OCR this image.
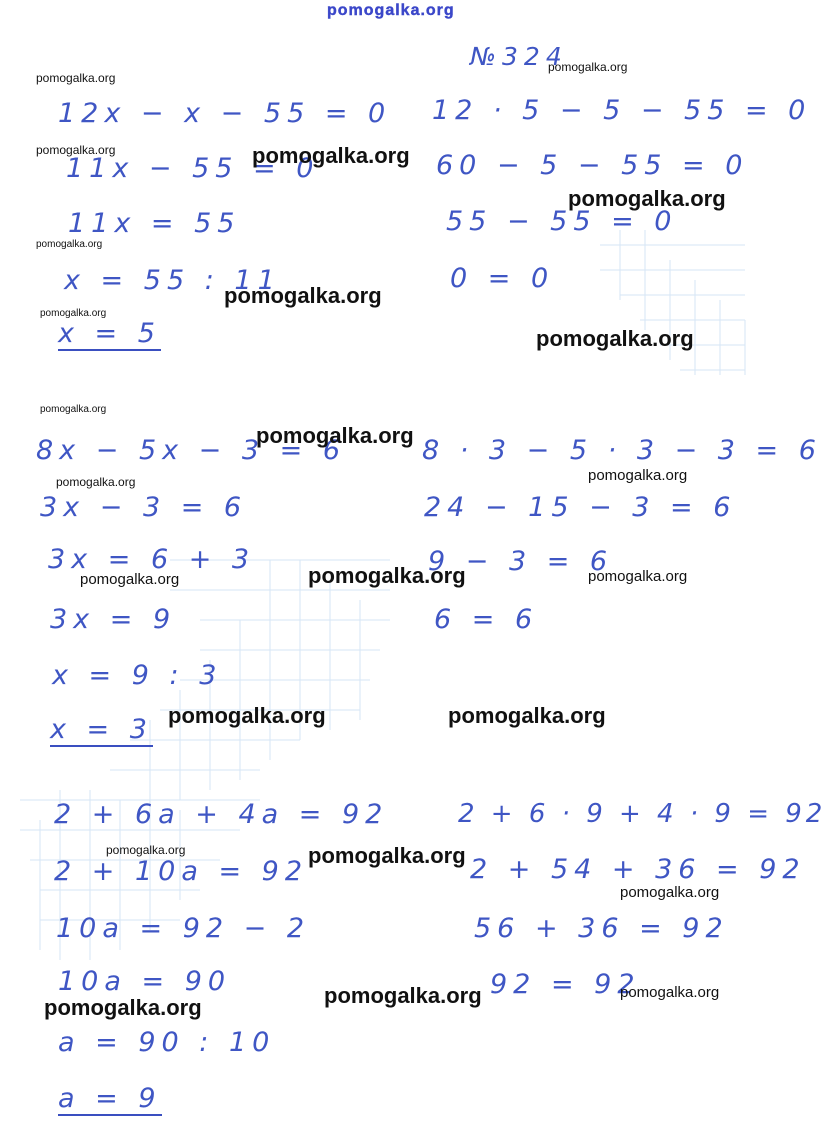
pomogalka.org
№324
12x − x − 55 = 0
11x − 55 = 0
11x = 55
x = 55 : 11
x = 5
12 · 5 − 5 − 55 = 0
60 − 5 − 55 = 0
55 − 55 = 0
0 = 0
8x − 5x − 3 = 6
3x − 3 = 6
3x = 6 + 3
3x = 9
x = 9 : 3
x = 3
8 · 3 − 5 · 3 − 3 = 6
24 − 15 − 3 = 6
9 − 3 = 6
6 = 6
2 + 6a + 4a = 92
2 + 10a = 92
10a = 92 − 2
10a = 90
a = 90 : 10
a = 9
2 + 6 · 9 + 4 · 9 = 92
2 + 54 + 36 = 92
56 + 36 = 92
92 = 92
pomogalka.org
pomogalka.org
pomogalka.org	pomogalka.org
pomogalka.org
pomogalka.org
pomogalka.org
pomogalka.org
pomogalka.org
pomogalka.org
pomogalka.org
pomogalka.org
pomogalka.org
pomogalka.org
pomogalka.org	pomogalka.org
pomogalka.org	pomogalka.org
pomogalka.org	pomogalka.org
pomogalka.org
pomogalka.org	pomogalka.org
pomogalka.org
